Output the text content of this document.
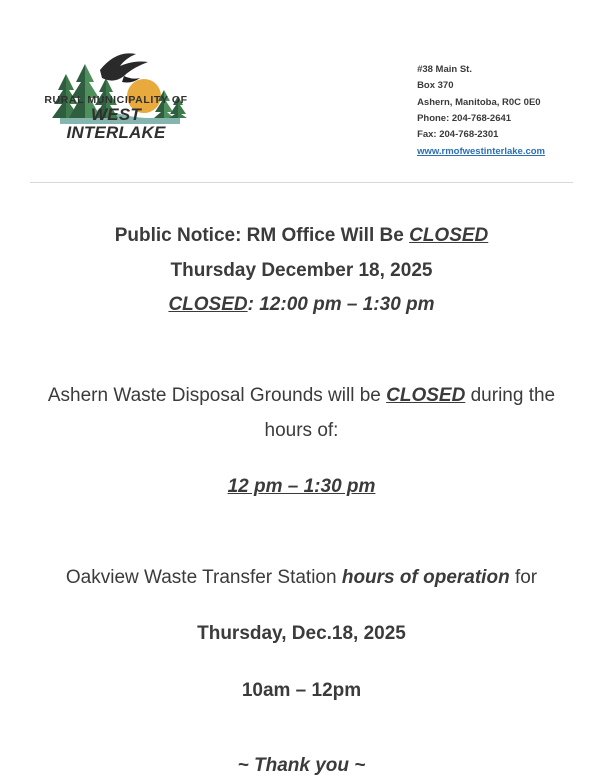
RURAL MUNICIPALITY OF
WEST INTERLAKE
#38 Main St.
Box 370
Ashern, Manitoba, R0C 0E0
Phone: 204-768-2641
Fax: 204-768-2301
www.rmofwestinterlake.com

Public Notice: RM Office Will Be CLOSED

Thursday December 18, 2025

CLOSED: 12:00 pm – 1:30 pm

Ashern Waste Disposal Grounds will be CLOSED during the

hours of:

12 pm – 1:30 pm

Oakview Waste Transfer Station hours of operation for

Thursday, Dec.18, 2025

10am – 12pm

~ Thank you ~
